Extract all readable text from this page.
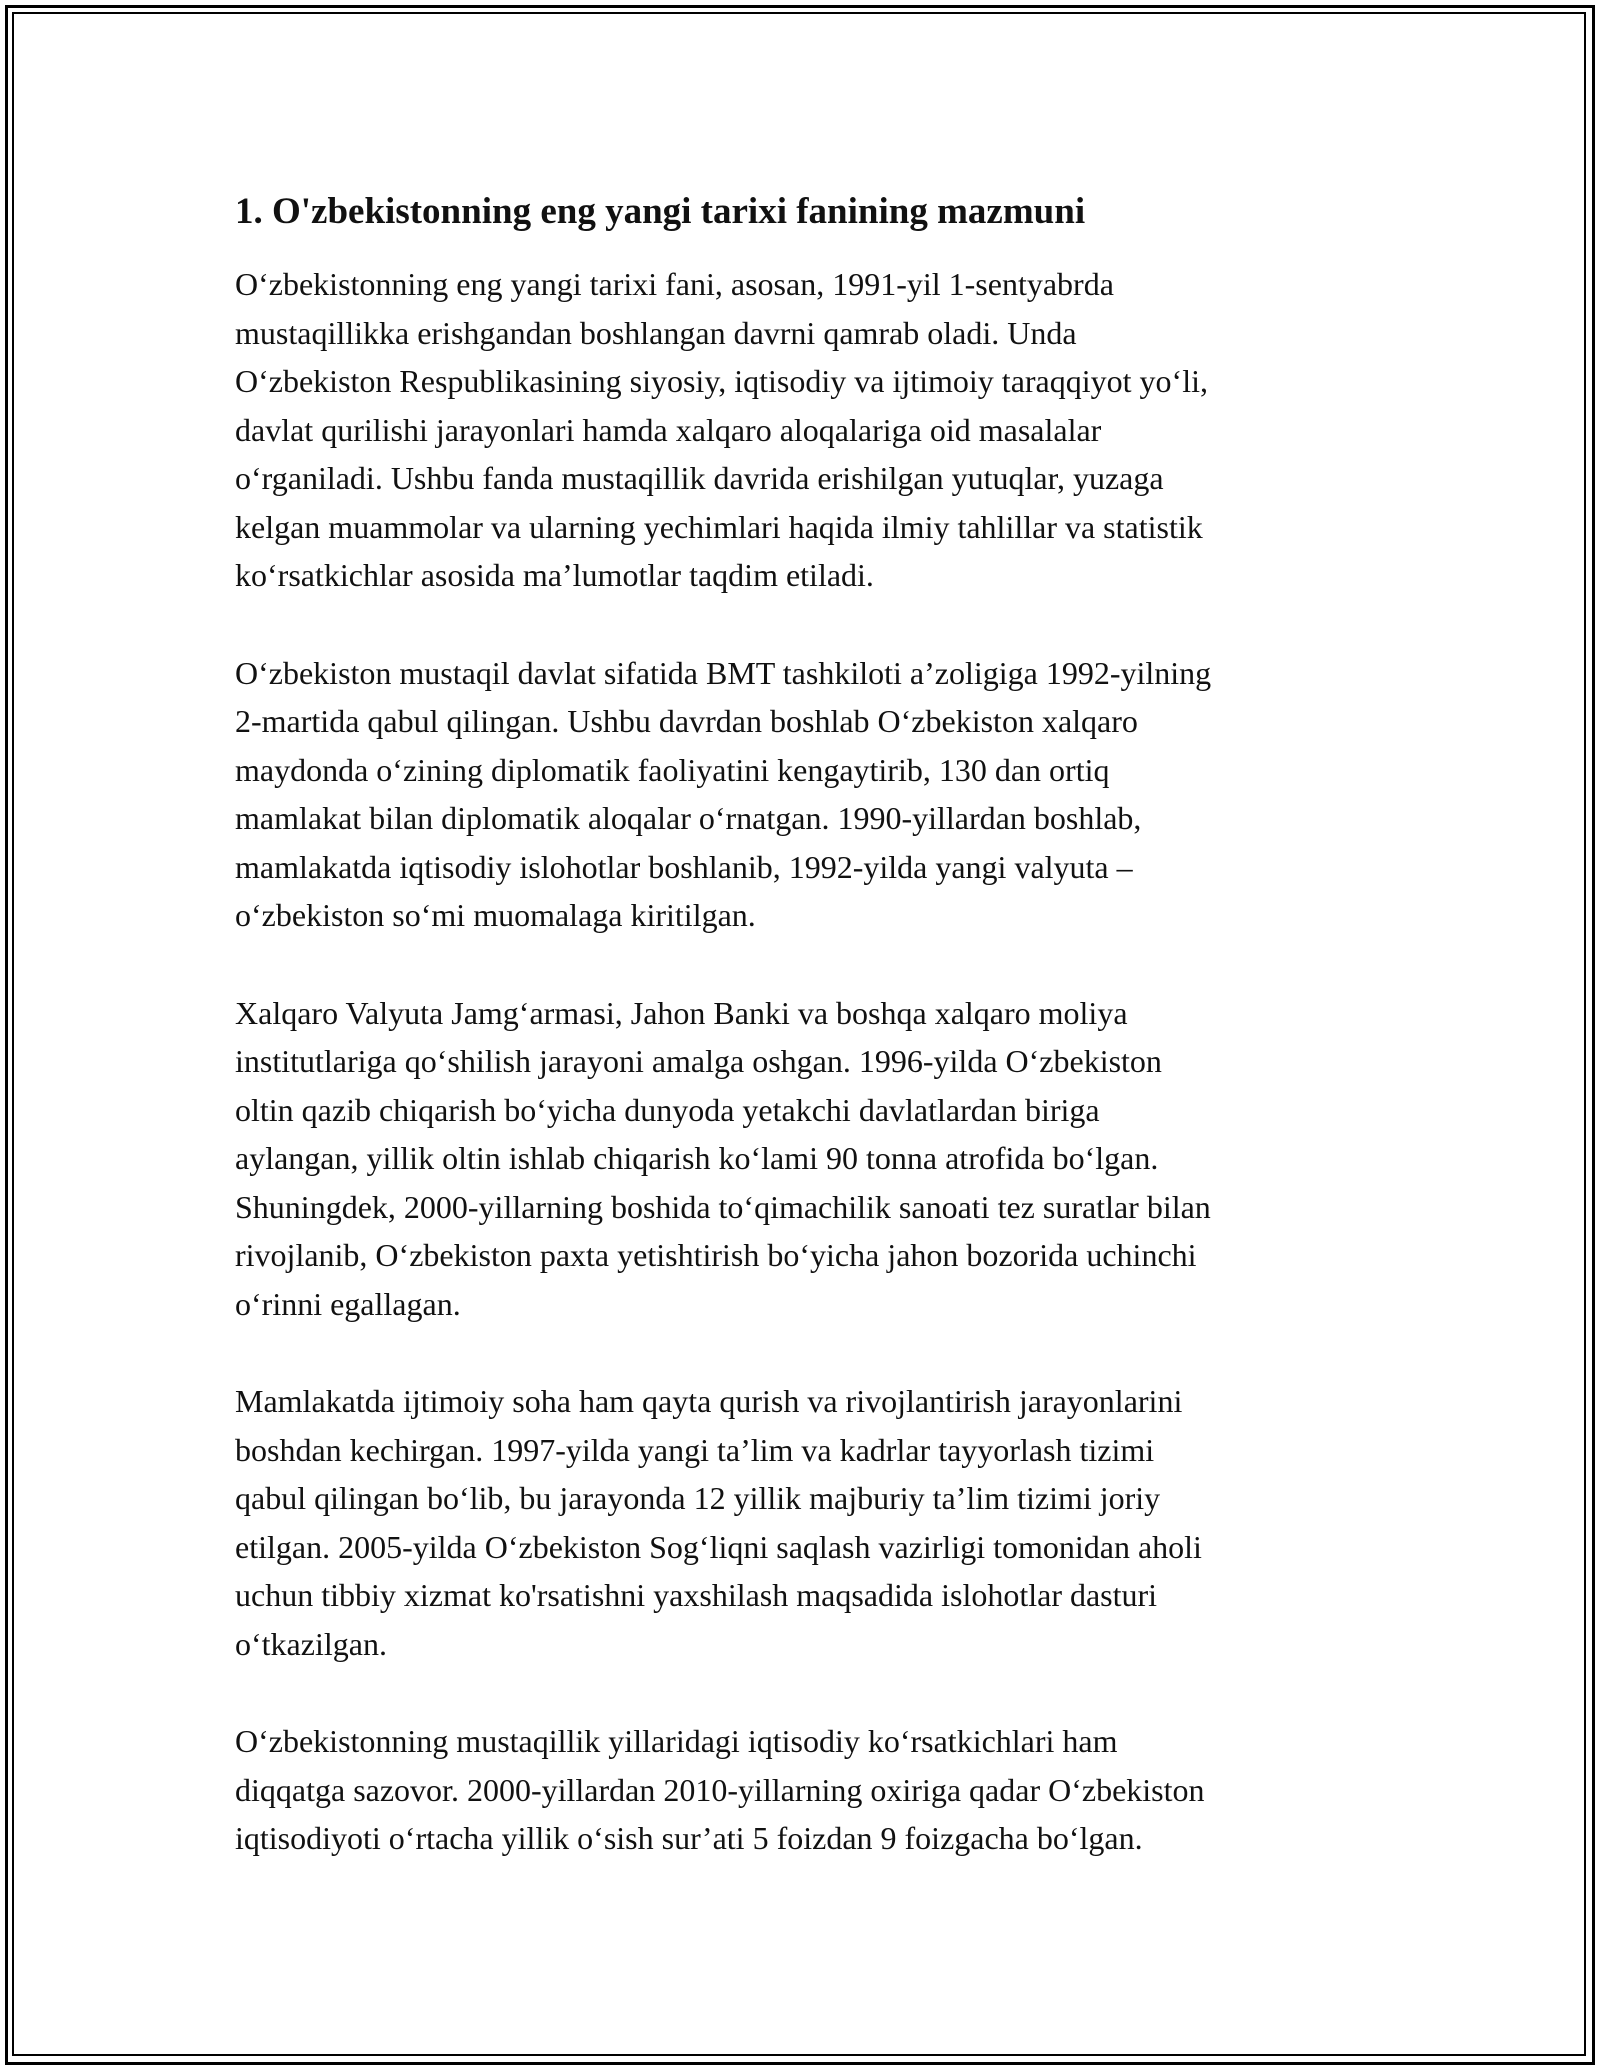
1. O'zbekistonning eng yangi tarixi fanining mazmuni

O‘zbekistonning eng yangi tarixi fani, asosan, 1991-yil 1-sentyabrda
mustaqillikka erishgandan boshlangan davrni qamrab oladi. Unda
O‘zbekiston Respublikasining siyosiy, iqtisodiy va ijtimoiy taraqqiyot yo‘li,
davlat qurilishi jarayonlari hamda xalqaro aloqalariga oid masalalar
o‘rganiladi. Ushbu fanda mustaqillik davrida erishilgan yutuqlar, yuzaga
kelgan muammolar va ularning yechimlari haqida ilmiy tahlillar va statistik
ko‘rsatkichlar asosida ma’lumotlar taqdim etiladi.

O‘zbekiston mustaqil davlat sifatida BMT tashkiloti a’zoligiga 1992-yilning
2-martida qabul qilingan. Ushbu davrdan boshlab O‘zbekiston xalqaro
maydonda o‘zining diplomatik faoliyatini kengaytirib, 130 dan ortiq
mamlakat bilan diplomatik aloqalar o‘rnatgan. 1990-yillardan boshlab,
mamlakatda iqtisodiy islohotlar boshlanib, 1992-yilda yangi valyuta –
o‘zbekiston so‘mi muomalaga kiritilgan.

Xalqaro Valyuta Jamg‘armasi, Jahon Banki va boshqa xalqaro moliya
institutlariga qo‘shilish jarayoni amalga oshgan. 1996-yilda O‘zbekiston
oltin qazib chiqarish bo‘yicha dunyoda yetakchi davlatlardan biriga
aylangan, yillik oltin ishlab chiqarish ko‘lami 90 tonna atrofida bo‘lgan.
Shuningdek, 2000-yillarning boshida to‘qimachilik sanoati tez suratlar bilan
rivojlanib, O‘zbekiston paxta yetishtirish bo‘yicha jahon bozorida uchinchi
o‘rinni egallagan.

Mamlakatda ijtimoiy soha ham qayta qurish va rivojlantirish jarayonlarini
boshdan kechirgan. 1997-yilda yangi ta’lim va kadrlar tayyorlash tizimi
qabul qilingan bo‘lib, bu jarayonda 12 yillik majburiy ta’lim tizimi joriy
etilgan. 2005-yilda O‘zbekiston Sog‘liqni saqlash vazirligi tomonidan aholi
uchun tibbiy xizmat ko'rsatishni yaxshilash maqsadida islohotlar dasturi
o‘tkazilgan.

O‘zbekistonning mustaqillik yillaridagi iqtisodiy ko‘rsatkichlari ham
diqqatga sazovor. 2000-yillardan 2010-yillarning oxiriga qadar O‘zbekiston
iqtisodiyoti o‘rtacha yillik o‘sish sur’ati 5 foizdan 9 foizgacha bo‘lgan.
